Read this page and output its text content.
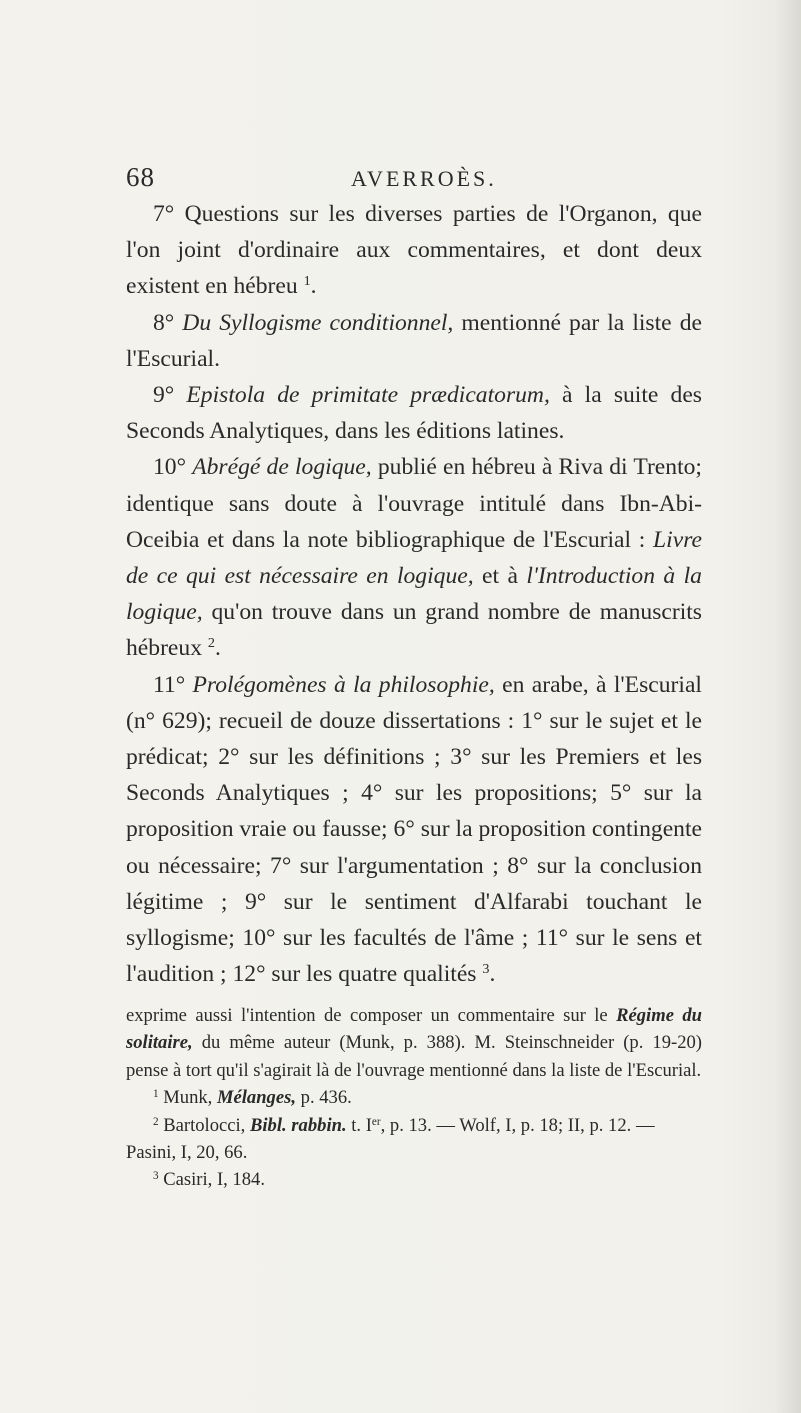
68	AVERROÈS.

7° Questions sur les diverses parties de l'Organon, que l'on joint d'ordinaire aux commentaires, et dont deux existent en hébreu $^1$.

8° Du Syllogisme conditionnel, mentionné par la liste de l'Escurial.

9° Epistola de primitate prædicatorum, à la suite des Seconds Analytiques, dans les éditions latines.

10° Abrégé de logique, publié en hébreu à Riva di Trento; identique sans doute à l'ouvrage intitulé dans Ibn-Abi-Oceibia et dans la note bibliographique de l'Escurial : Livre de ce qui est nécessaire en logique, et à l'Introduction à la logique, qu'on trouve dans un grand nombre de manuscrits hébreux $^2$.

11° Prolégomènes à la philosophie, en arabe, à l'Escurial (n° 629); recueil de douze dissertations : 1° sur le sujet et le prédicat; 2° sur les définitions ; 3° sur les Premiers et les Seconds Analytiques ; 4° sur les propositions; 5° sur la proposition vraie ou fausse; 6° sur la proposition contingente ou nécessaire; 7° sur l'argumentation ; 8° sur la conclusion légitime ; 9° sur le sentiment d'Alfarabi touchant le syllogisme; 10° sur les facultés de l'âme ; 11° sur le sens et l'audition ; 12° sur les quatre qualités $^3$.

exprime aussi l'intention de composer un commentaire sur le Régime du solitaire, du même auteur (Munk, p. 388). M. Steinschneider (p. 19-20) pense à tort qu'il s'agirait là de l'ouvrage mentionné dans la liste de l'Escurial.

$^1$ Munk, Mélanges, p. 436.

$^2$ Bartolocci, Bibl. rabbin. t. Ier, p. 13. — Wolf, I, p. 18; II, p. 12. — Pasini, I, 20, 66.

$^3$ Casiri, I, 184.
